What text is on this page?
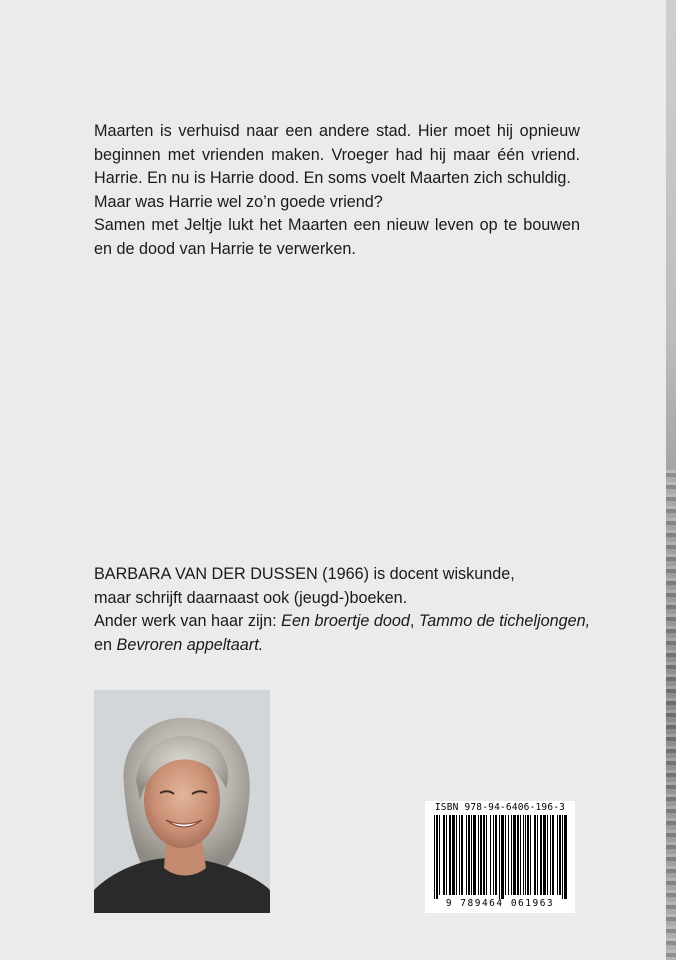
Maarten is verhuisd naar een andere stad. Hier moet hij opnieuw beginnen met vrienden maken. Vroeger had hij maar één vriend. Harrie. En nu is Harrie dood. En soms voelt Maarten zich schuldig.

Maar was Harrie wel zo’n goede vriend?

Samen met Jeltje lukt het Maarten een nieuw leven op te bouwen en de dood van Harrie te verwerken.

BARBARA VAN DER DUSSEN (1966) is docent wiskunde,

maar schrijft daarnaast ook (jeugd-)boeken.

Ander werk van haar zijn: Een broertje dood, Tammo de ticheljongen, en Bevroren appeltaart.

ISBN 978-94-6406-196-3
9 789464 061963
